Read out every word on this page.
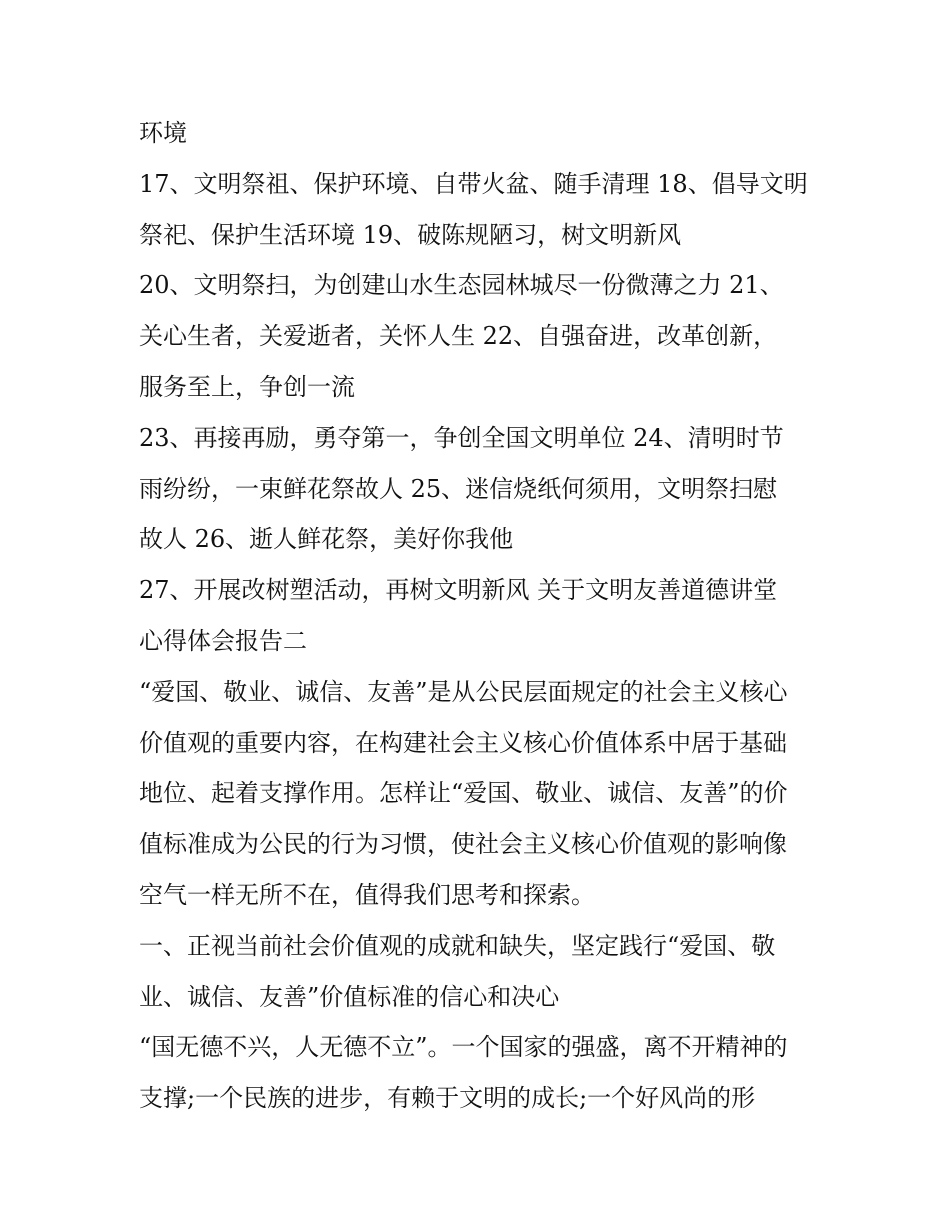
环境
17、文明祭祖、保护环境、自带火盆、随手清理 18、倡导文明
祭祀、保护生活环境 19、破陈规陋习，树文明新风
20、文明祭扫，为创建山水生态园林城尽一份微薄之力 21、
关心生者，关爱逝者，关怀人生 22、自强奋进，改革创新，
服务至上，争创一流
23、再接再励，勇夺第一，争创全国文明单位 24、清明时节
雨纷纷，一束鲜花祭故人 25、迷信烧纸何须用，文明祭扫慰
故人 26、逝人鲜花祭，美好你我他
27、开展改树塑活动，再树文明新风 关于文明友善道德讲堂
心得体会报告二
“爱国、敬业、诚信、友善”是从公民层面规定的社会主义核心
价值观的重要内容，在构建社会主义核心价值体系中居于基础
地位、起着支撑作用。怎样让“爱国、敬业、诚信、友善”的价
值标准成为公民的行为习惯，使社会主义核心价值观的影响像
空气一样无所不在，值得我们思考和探索。
一、正视当前社会价值观的成就和缺失，坚定践行“爱国、敬
业、诚信、友善”价值标准的信心和决心
“国无德不兴，人无德不立”。一个国家的强盛，离不开精神的
支撑;一个民族的进步，有赖于文明的成长;一个好风尚的形
